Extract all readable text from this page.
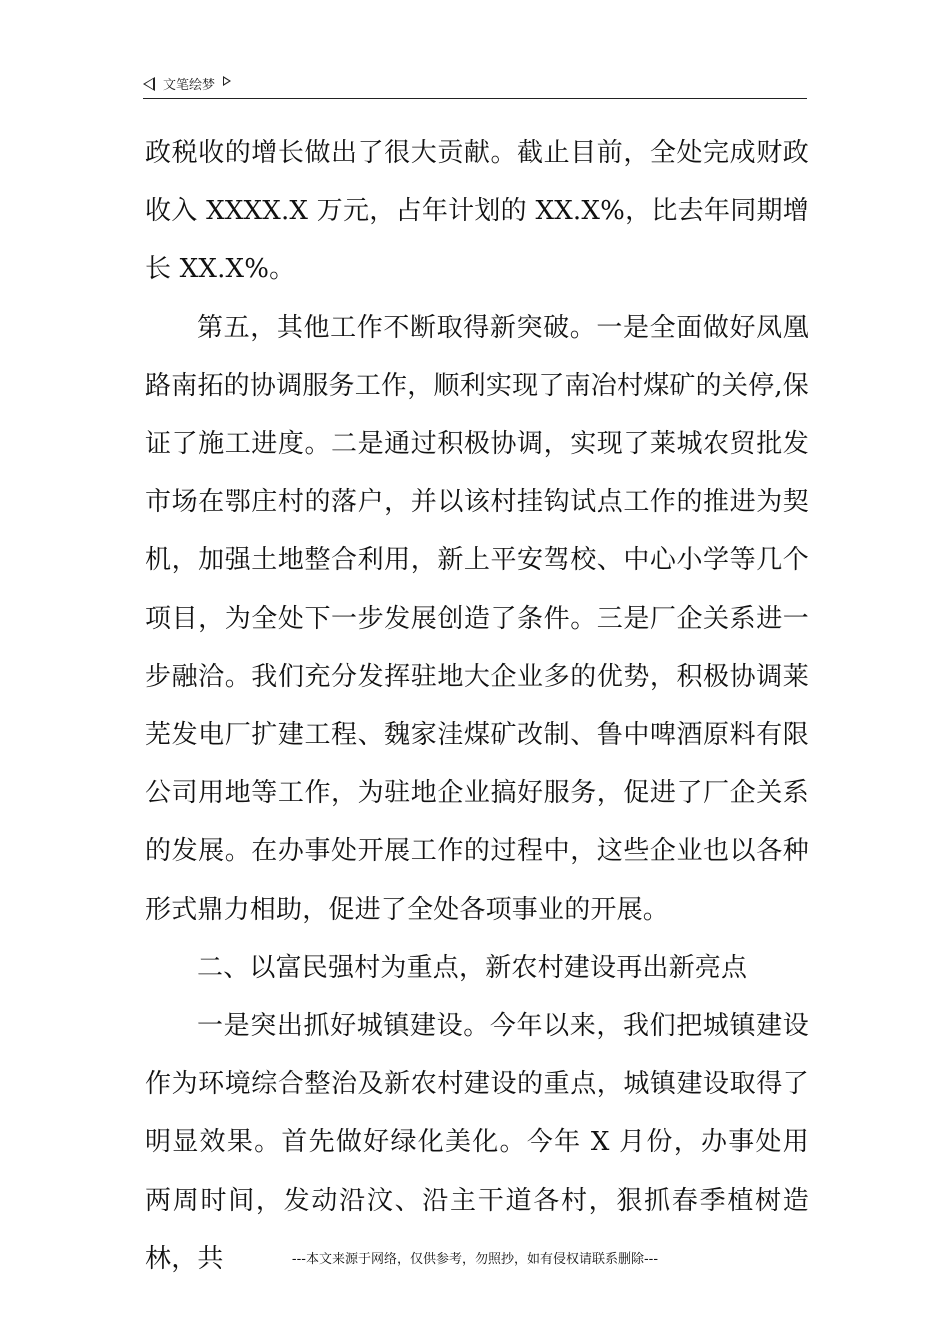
文笔绘梦

政税收的增长做出了很大贡献。截止目前，全处完成财政收入 XXXX.X 万元，占年计划的 XX.X%，比去年同期增长 XX.X%。

第五，其他工作不断取得新突破。一是全面做好凤凰路南拓的协调服务工作，顺利实现了南冶村煤矿的关停,保证了施工进度。二是通过积极协调，实现了莱城农贸批发市场在鄂庄村的落户，并以该村挂钩试点工作的推进为契机，加强土地整合利用，新上平安驾校、中心小学等几个项目，为全处下一步发展创造了条件。三是厂企关系进一步融洽。我们充分发挥驻地大企业多的优势，积极协调莱芜发电厂扩建工程、魏家洼煤矿改制、鲁中啤酒原料有限公司用地等工作，为驻地企业搞好服务，促进了厂企关系的发展。在办事处开展工作的过程中，这些企业也以各种形式鼎力相助，促进了全处各项事业的开展。

二、以富民强村为重点，新农村建设再出新亮点

一是突出抓好城镇建设。今年以来，我们把城镇建设作为环境综合整治及新农村建设的重点，城镇建设取得了明显效果。首先做好绿化美化。今年 X 月份，办事处用两周时间，发动沿汶、沿主干道各村，狠抓春季植树造林，共	---本文来源于网络，仅供参考，勿照抄，如有侵权请联系删除---
